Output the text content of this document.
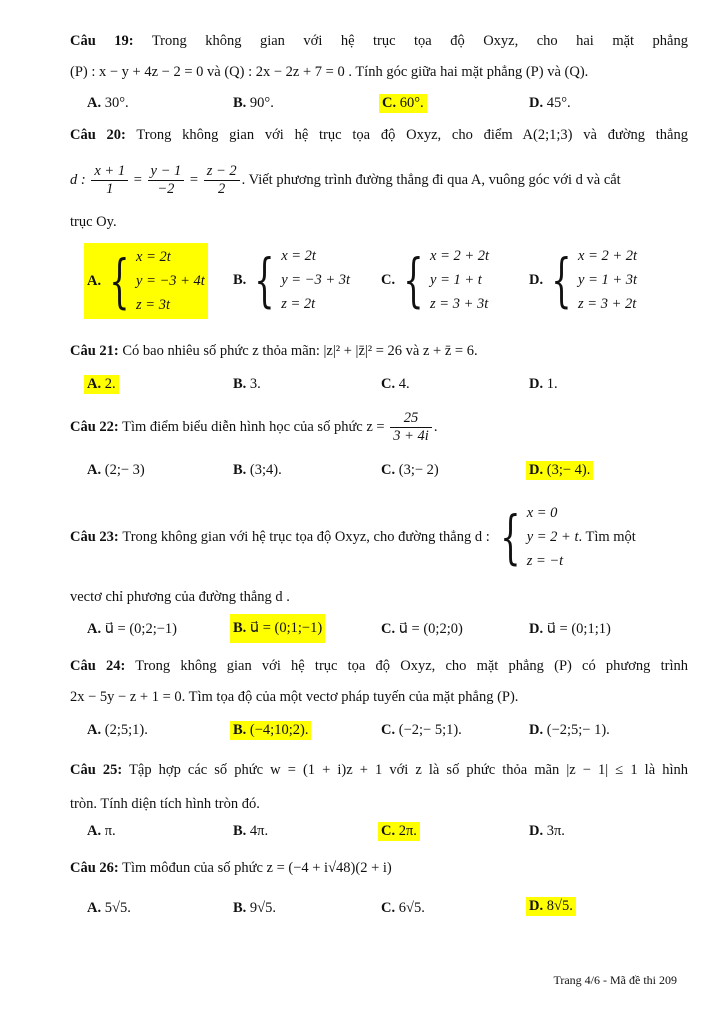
Câu 19: Trong không gian với hệ trục tọa độ Oxyz, cho hai mặt phẳng
(P) : x − y + 4z − 2 = 0 và (Q) : 2x − 2z + 7 = 0 . Tính góc giữa hai mặt phẳng (P) và (Q).
A. 30°.	B. 90°.	C. 60°.	D. 45°.
Câu 20: Trong không gian với hệ trục tọa độ Oxyz, cho điểm A(2;1;3) và đường thẳng
d : $\frac{x + 1}{1} = \frac{y - 1}{-2} = \frac{z - 2}{2}$ . Viết phương trình đường thẳng đi qua A, vuông góc với d và cắt
trục Oy.
A. { x = 2t
y = −3 + 4t
z = 3t
B. { x = 2t
y = −3 + 3t
z = 2t
C. { x = 2 + 2t
y = 1 + t
z = 3 + 3t
D. { x = 2 + 2t
y = 1 + 3t
z = 3 + 2t
Câu 21: Có bao nhiêu số phức z thỏa mãn: |z|² + |z̄|² = 26 và z + z̄ = 6.
A. 2.	B. 3.	C. 4.	D. 1.
Câu 22: Tìm điểm biểu diễn hình học của số phức $z = \frac{25}{3 + 4i}$ .
A. (2;− 3)	B. (3;4).	C. (3;− 2)	D. (3;− 4).
Câu 23:
Trong không gian với hệ trục tọa độ Oxyz, cho đường thẳng d : { x = 0
y = 2 + t
z = −t
. Tìm một
vectơ chỉ phương của đường thẳng d .
A. u⃗ = (0;2;−1)	B. u⃗ = (0;1;−1)	C. u⃗ = (0;2;0)	D. u⃗ = (0;1;1)
Câu 24: Trong không gian với hệ trục tọa độ Oxyz, cho mặt phẳng (P) có phương trình
2x − 5y − z + 1 = 0. Tìm tọa độ của một vectơ pháp tuyến của mặt phẳng (P).
A. (2;5;1).	B. (−4;10;2).	C. (−2;− 5;1).	D. (−2;5;− 1).
Câu 25: Tập hợp các số phức w = (1 + i)z + 1 với z là số phức thỏa mãn |z − 1| ≤ 1 là hình
tròn. Tính diện tích hình tròn đó.
A. π.	B. 4π.	C. 2π.	D. 3π.
Câu 26: Tìm môđun của số phức z = (−4 + i√48)(2 + i)
A. 5√5.	B. 9√5.	C. 6√5.	D. 8√5.
Trang 4/6 - Mã đề thi 209
